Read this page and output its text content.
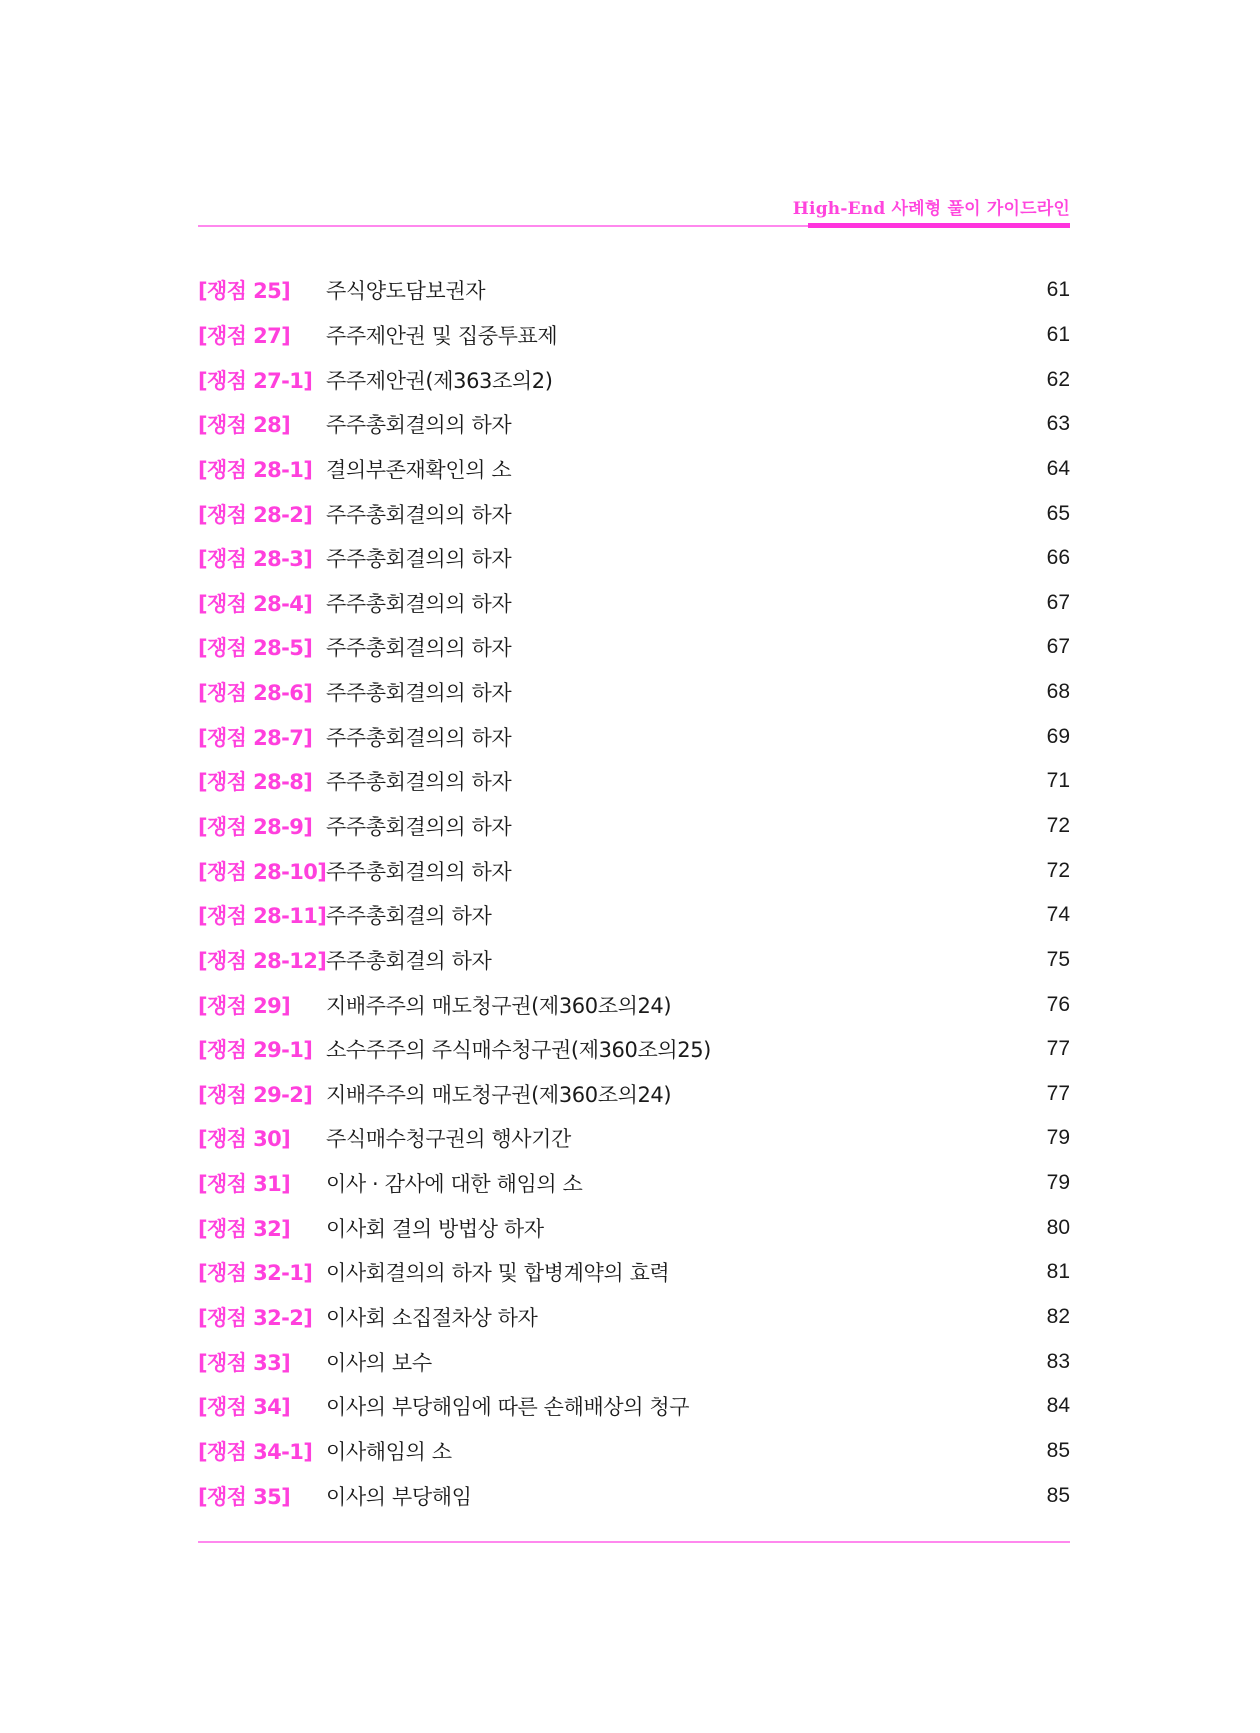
High-End 사례형 풀이 가이드라인
[쟁점 25]	주식양도담보권자	61
[쟁점 27]	주주제안권 및 집중투표제	61
[쟁점 27-1] 주주제안권(제363조의2)	62
[쟁점 28]	주주총회결의의 하자	63
[쟁점 28-1] 결의부존재확인의 소	64
[쟁점 28-2] 주주총회결의의 하자	65
[쟁점 28-3] 주주총회결의의 하자	66
[쟁점 28-4] 주주총회결의의 하자	67
[쟁점 28-5] 주주총회결의의 하자	67
[쟁점 28-6] 주주총회결의의 하자	68
[쟁점 28-7] 주주총회결의의 하자	69
[쟁점 28-8] 주주총회결의의 하자	71
[쟁점 28-9] 주주총회결의의 하자	72
[쟁점 28-10] 주주총회결의의 하자	72
[쟁점 28-11] 주주총회결의 하자	74
[쟁점 28-12] 주주총회결의 하자	75
[쟁점 29]	지배주주의 매도청구권(제360조의24)	76
[쟁점 29-1] 소수주주의 주식매수청구권(제360조의25)	77
[쟁점 29-2] 지배주주의 매도청구권(제360조의24)	77
[쟁점 30]	주식매수청구권의 행사기간	79
[쟁점 31]	이사 · 감사에 대한 해임의 소	79
[쟁점 32]	이사회 결의 방법상 하자	80
[쟁점 32-1] 이사회결의의 하자 및 합병계약의 효력	81
[쟁점 32-2] 이사회 소집절차상 하자	82
[쟁점 33]	이사의 보수	83
[쟁점 34]	이사의 부당해임에 따른 손해배상의 청구	84
[쟁점 34-1] 이사해임의 소	85
[쟁점 35]	이사의 부당해임	85
